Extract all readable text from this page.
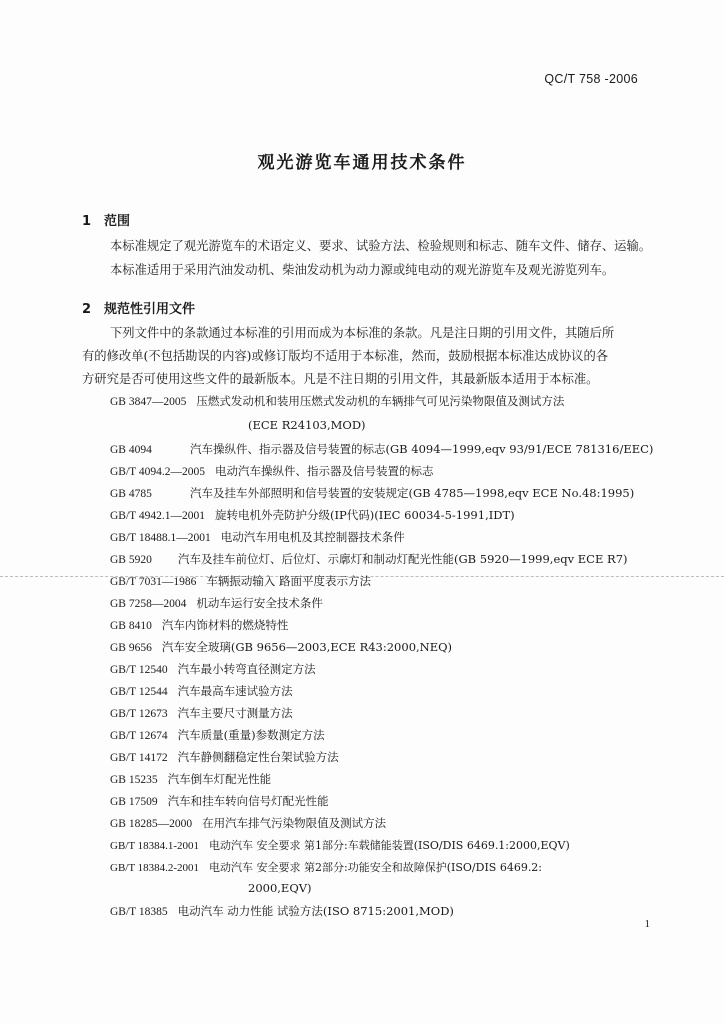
QC/T 758 -2006
观光游览车通用技术条件
1 范围
本标准规定了观光游览车的术语定义、要求、试验方法、检验规则和标志、随车文件、储存、运输。
本标准适用于采用汽油发动机、柴油发动机为动力源或纯电动的观光游览车及观光游览列车。
2 规范性引用文件
下列文件中的条款通过本标准的引用而成为本标准的条款。凡是注日期的引用文件，其随后所
有的修改单(不包括勘误的内容)或修订版均不适用于本标准，然而，鼓励根据本标准达成协议的各
方研究是否可使用这些文件的最新版本。凡是不注日期的引用文件，其最新版本适用于本标准。
GB 3847—2005 压燃式发动机和装用压燃式发动机的车辆排气可见污染物限值及测试方法
(ECE R24103,MOD)
GB 4094	汽车操纵件、指示器及信号装置的标志(GB 4094—1999,eqv 93/91/ECE 781316/EEC)
GB/T 4094.2—2005 电动汽车操纵件、指示器及信号装置的标志
GB 4785	汽车及挂车外部照明和信号装置的安装规定(GB 4785—1998,eqv ECE No.48:1995)
GB/T 4942.1—2001 旋转电机外壳防护分级(IP代码)(IEC 60034-5-1991,IDT)
GB/T 18488.1—2001 电动汽车用电机及其控制器技术条件
GB 5920 汽车及挂车前位灯、后位灯、示廓灯和制动灯配光性能(GB 5920—1999,eqv ECE R7)
GB/T 7031—1986 车辆振动输入 路面平度表示方法
GB 7258—2004 机动车运行安全技术条件
GB 8410 汽车内饰材料的燃烧特性
GB 9656 汽车安全玻璃(GB 9656—2003,ECE R43:2000,NEQ)
GB/T 12540 汽车最小转弯直径测定方法
GB/T 12544 汽车最高车速试验方法
GB/T 12673 汽车主要尺寸测量方法
GB/T 12674 汽车质量(重量)参数测定方法
GB/T 14172 汽车静侧翻稳定性台架试验方法
GB 15235 汽车倒车灯配光性能
GB 17509 汽车和挂车转向信号灯配光性能
GB 18285—2000 在用汽车排气污染物限值及测试方法
GB/T 18384.1-2001 电动汽车 安全要求 第1部分:车载储能装置(ISO/DIS 6469.1:2000,EQV)
GB/T 18384.2-2001 电动汽车 安全要求 第2部分:功能安全和故障保护(ISO/DIS 6469.2:
2000,EQV)
GB/T 18385 电动汽车 动力性能 试验方法(ISO 8715:2001,MOD)
1
